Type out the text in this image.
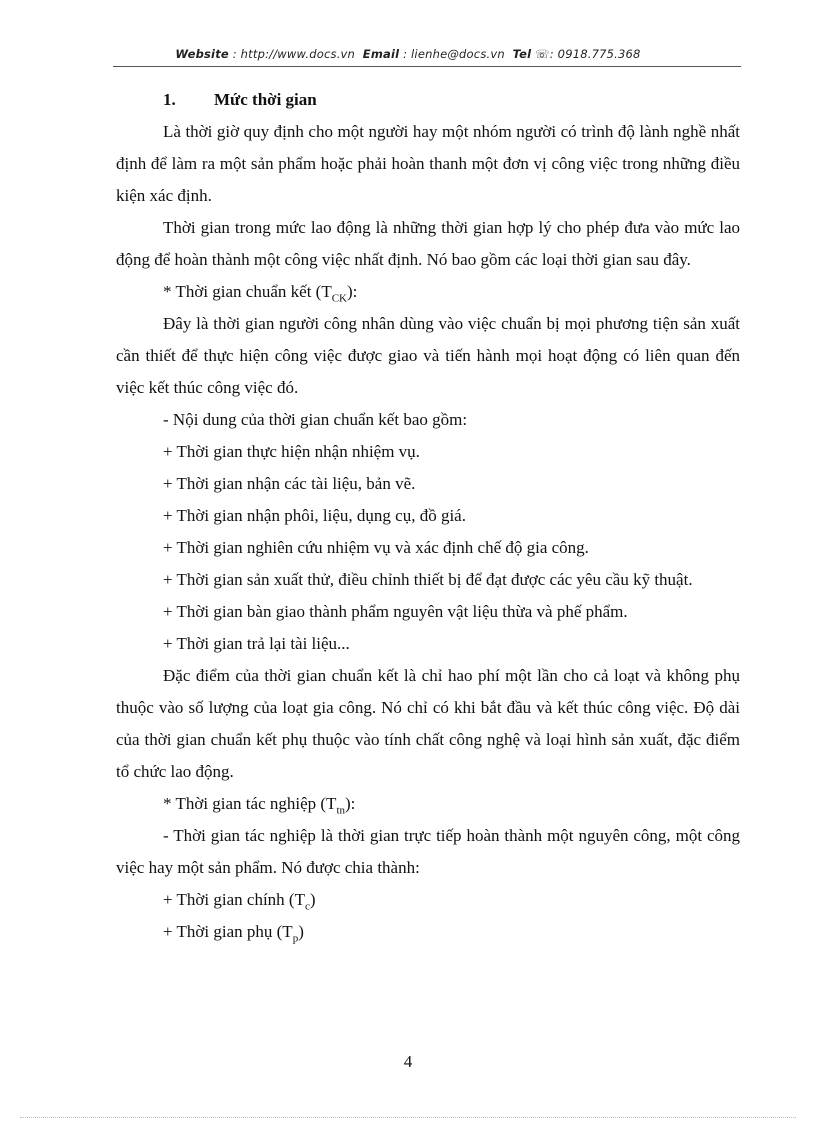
Website : http://www.docs.vn Email : lienhe@docs.vn Tel ☏: 0918.775.368

1. Mức thời gian

Là thời giờ quy định cho một người hay một nhóm người có trình độ lành nghề nhất định để làm ra một sản phẩm hoặc phải hoàn thanh một đơn vị công việc trong những điều kiện xác định.

Thời gian trong mức lao động là những thời gian hợp lý cho phép đưa vào mức lao động để hoàn thành một công việc nhất định. Nó bao gồm các loại thời gian sau đây.

* Thời gian chuẩn kết $(T_{CK})$:

Đây là thời gian người công nhân dùng vào việc chuẩn bị mọi phương tiện sản xuất cần thiết để thực hiện công việc được giao và tiến hành mọi hoạt động có liên quan đến việc kết thúc công việc đó.

- Nội dung của thời gian chuẩn kết bao gồm:

+ Thời gian thực hiện nhận nhiệm vụ.

+ Thời gian nhận các tài liệu, bản vẽ.

+ Thời gian nhận phôi, liệu, dụng cụ, đồ giá.

+ Thời gian nghiên cứu nhiệm vụ và xác định chế độ gia công.

+ Thời gian sản xuất thử, điều chỉnh thiết bị để đạt được các yêu cầu kỹ thuật.

+ Thời gian bàn giao thành phẩm nguyên vật liệu thừa và phế phẩm.

+ Thời gian trả lại tài liệu...

Đặc điểm của thời gian chuẩn kết là chỉ hao phí một lần cho cả loạt và không phụ thuộc vào số lượng của loạt gia công. Nó chỉ có khi bắt đầu và kết thúc công việc. Độ dài của thời gian chuẩn kết phụ thuộc vào tính chất công nghệ và loại hình sản xuất, đặc điểm tổ chức lao động.

* Thời gian tác nghiệp $(T_{tn})$:

- Thời gian tác nghiệp là thời gian trực tiếp hoàn thành một nguyên công, một công việc hay một sản phẩm. Nó được chia thành:

+ Thời gian chính $(T_c)$

+ Thời gian phụ $(T_p)$

4
